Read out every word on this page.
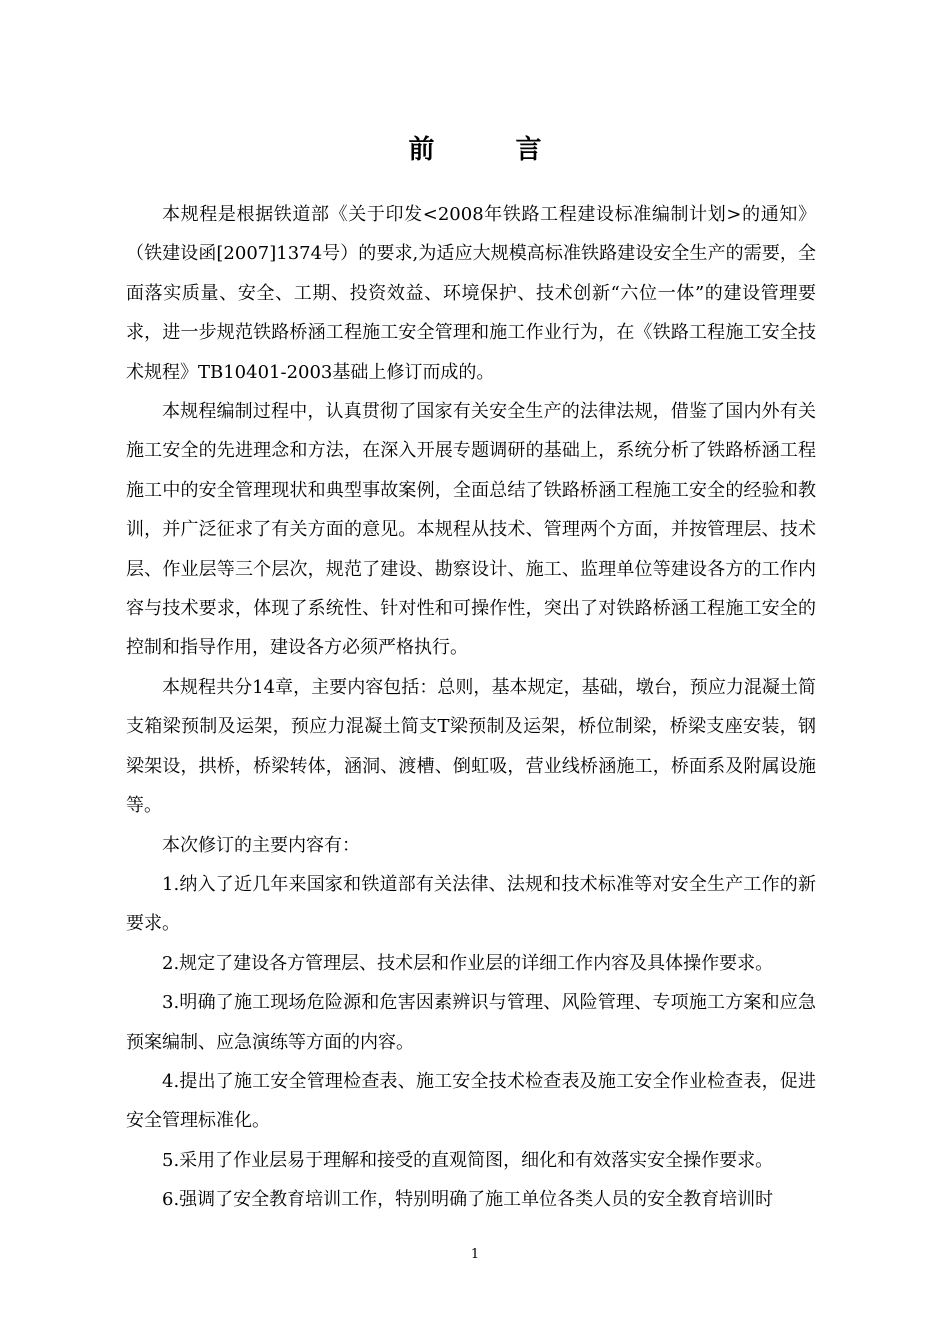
前 言

本规程是根据铁道部《关于印发<2008年铁路工程建设标准编制计划>的通知》（铁建设函[2007]1374号）的要求,为适应大规模高标准铁路建设安全生产的需要，全面落实质量、安全、工期、投资效益、环境保护、技术创新“六位一体”的建设管理要求，进一步规范铁路桥涵工程施工安全管理和施工作业行为，在《铁路工程施工安全技术规程》TB10401-2003基础上修订而成的。

本规程编制过程中，认真贯彻了国家有关安全生产的法律法规，借鉴了国内外有关施工安全的先进理念和方法，在深入开展专题调研的基础上，系统分析了铁路桥涵工程施工中的安全管理现状和典型事故案例，全面总结了铁路桥涵工程施工安全的经验和教训，并广泛征求了有关方面的意见。本规程从技术、管理两个方面，并按管理层、技术层、作业层等三个层次，规范了建设、勘察设计、施工、监理单位等建设各方的工作内容与技术要求，体现了系统性、针对性和可操作性，突出了对铁路桥涵工程施工安全的控制和指导作用，建设各方必须严格执行。

本规程共分14章，主要内容包括：总则，基本规定，基础，墩台，预应力混凝土简支箱梁预制及运架，预应力混凝土简支T梁预制及运架，桥位制梁，桥梁支座安装，钢梁架设，拱桥，桥梁转体，涵洞、渡槽、倒虹吸，营业线桥涵施工，桥面系及附属设施等。

本次修订的主要内容有：

1.纳入了近几年来国家和铁道部有关法律、法规和技术标准等对安全生产工作的新要求。

2.规定了建设各方管理层、技术层和作业层的详细工作内容及具体操作要求。

3.明确了施工现场危险源和危害因素辨识与管理、风险管理、专项施工方案和应急预案编制、应急演练等方面的内容。

4.提出了施工安全管理检查表、施工安全技术检查表及施工安全作业检查表，促进安全管理标准化。

5.采用了作业层易于理解和接受的直观简图，细化和有效落实安全操作要求。

6.强调了安全教育培训工作，特别明确了施工单位各类人员的安全教育培训时

1
